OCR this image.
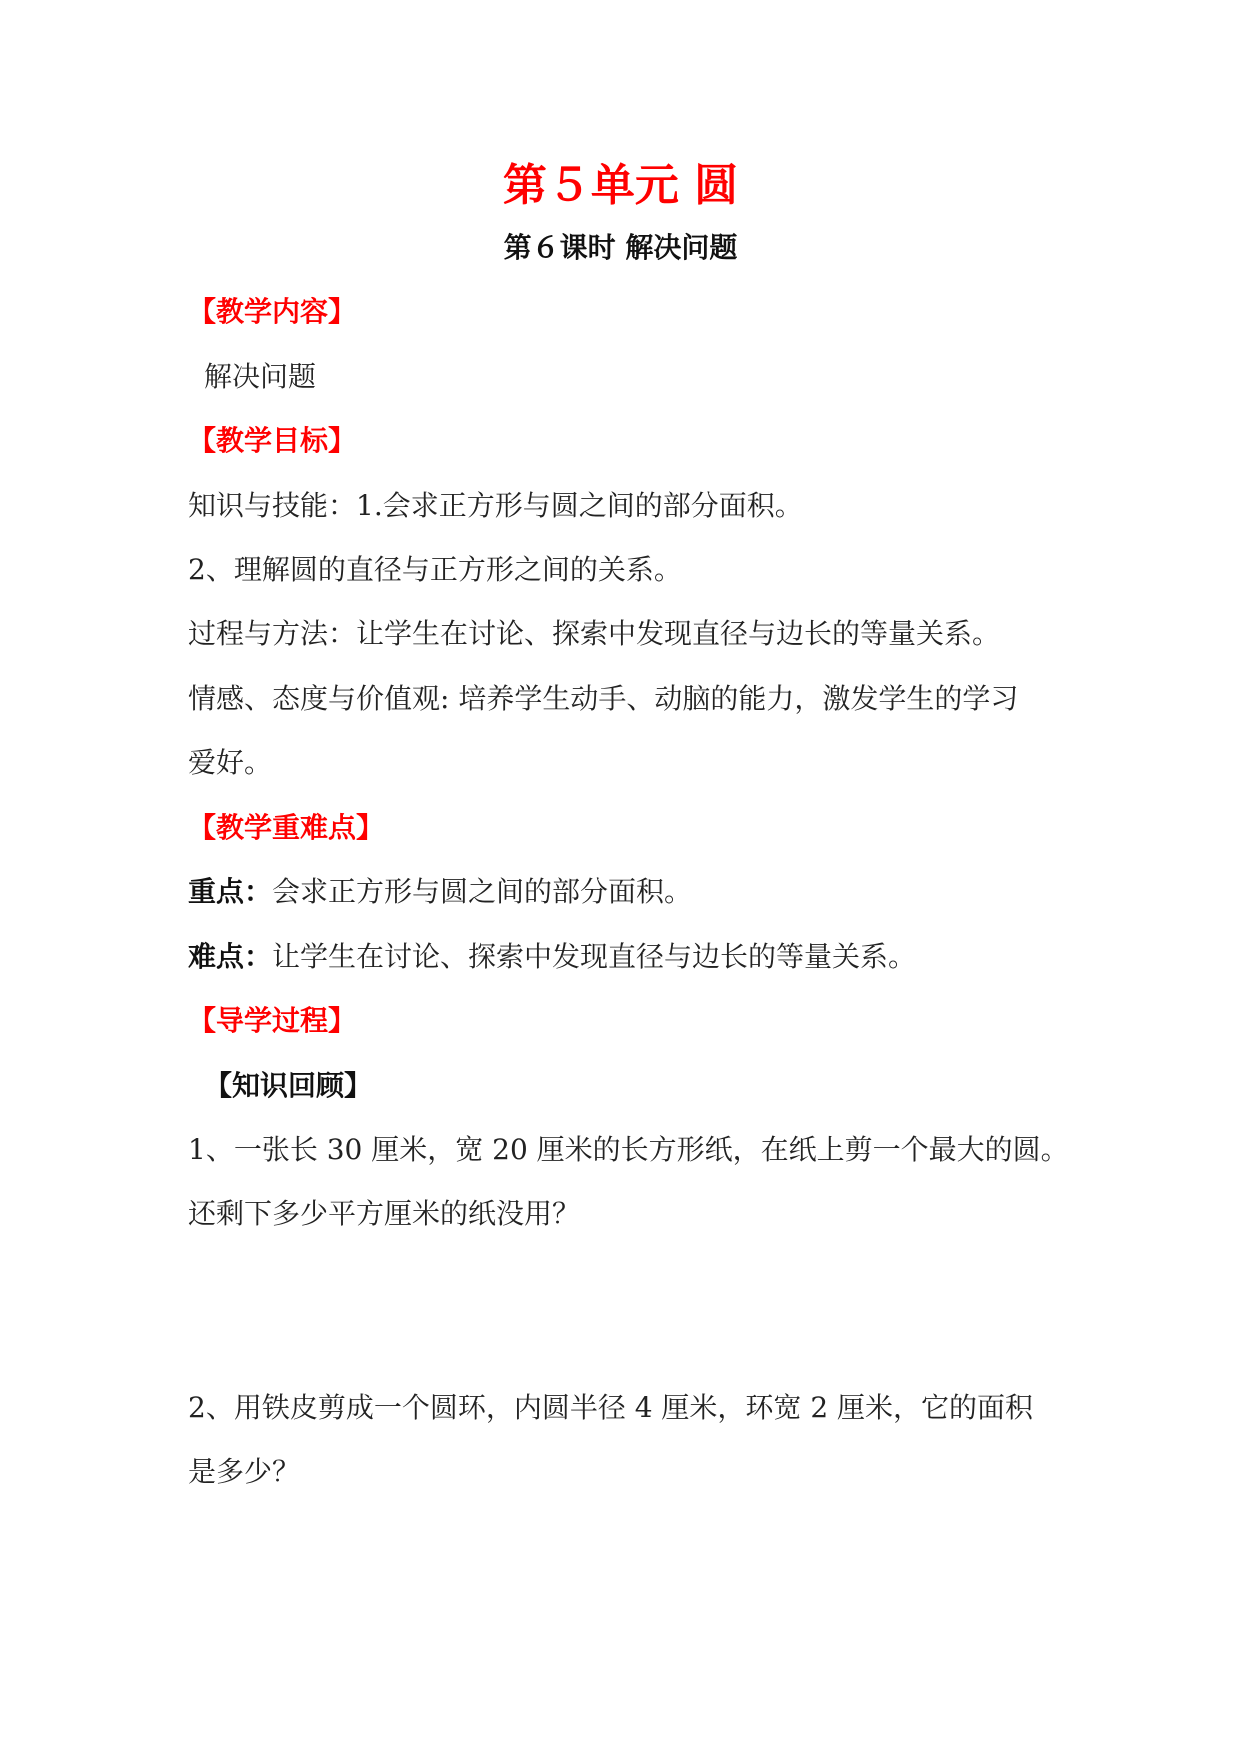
第５单元 圆
第６课时 解决问题
【教学内容】
解决问题
【教学目标】
知识与技能：1.会求正方形与圆之间的部分面积。
2、理解圆的直径与正方形之间的关系。
过程与方法：让学生在讨论、探索中发现直径与边长的等量关系。
情感、态度与价值观: 培养学生动手、动脑的能力，激发学生的学习
爱好。
【教学重难点】
重点：会求正方形与圆之间的部分面积。
难点：让学生在讨论、探索中发现直径与边长的等量关系。
【导学过程】
【知识回顾】
1、一张长 30 厘米，宽 20 厘米的长方形纸，在纸上剪一个最大的圆。
还剩下多少平方厘米的纸没用？
2、用铁皮剪成一个圆环，内圆半径 4 厘米，环宽 2 厘米，它的面积
是多少？
